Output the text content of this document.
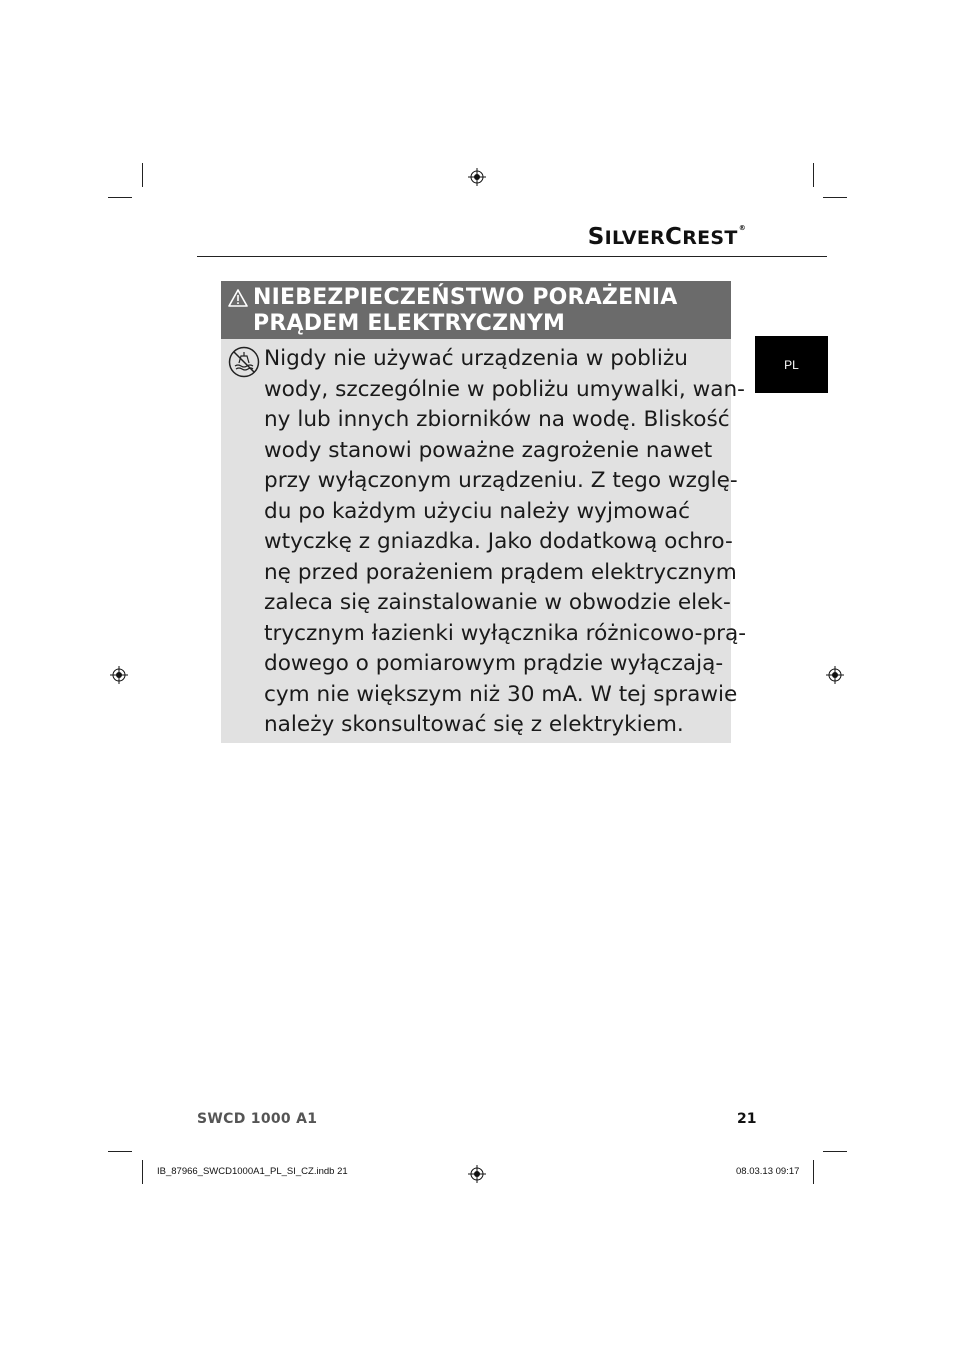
SILVERCREST®
PL
NIEBEZPIECZEŃSTWO PORAŻENIA
PRĄDEM ELEKTRYCZNYM
Nigdy nie używać urządzenia w pobliżu
wody, szczególnie w pobliżu umywalki, wan-
ny lub innych zbiorników na wodę. Bliskość
wody stanowi poważne zagrożenie nawet
przy wyłączonym urządzeniu. Z tego wzglę-
du po każdym użyciu należy wyjmować
wtyczkę z gniazdka. Jako dodatkową ochro-
nę przed porażeniem prądem elektrycznym
zaleca się zainstalowanie w obwodzie elek-
trycznym łazienki wyłącznika różnicowo-prą-
dowego o pomiarowym prądzie wyłączają-
cym nie większym niż 30 mA. W tej sprawie
należy skonsultować się z elektrykiem.
SWCD 1000 A1	21
IB_87966_SWCD1000A1_PL_SI_CZ.indb 21	08.03.13 09:17
